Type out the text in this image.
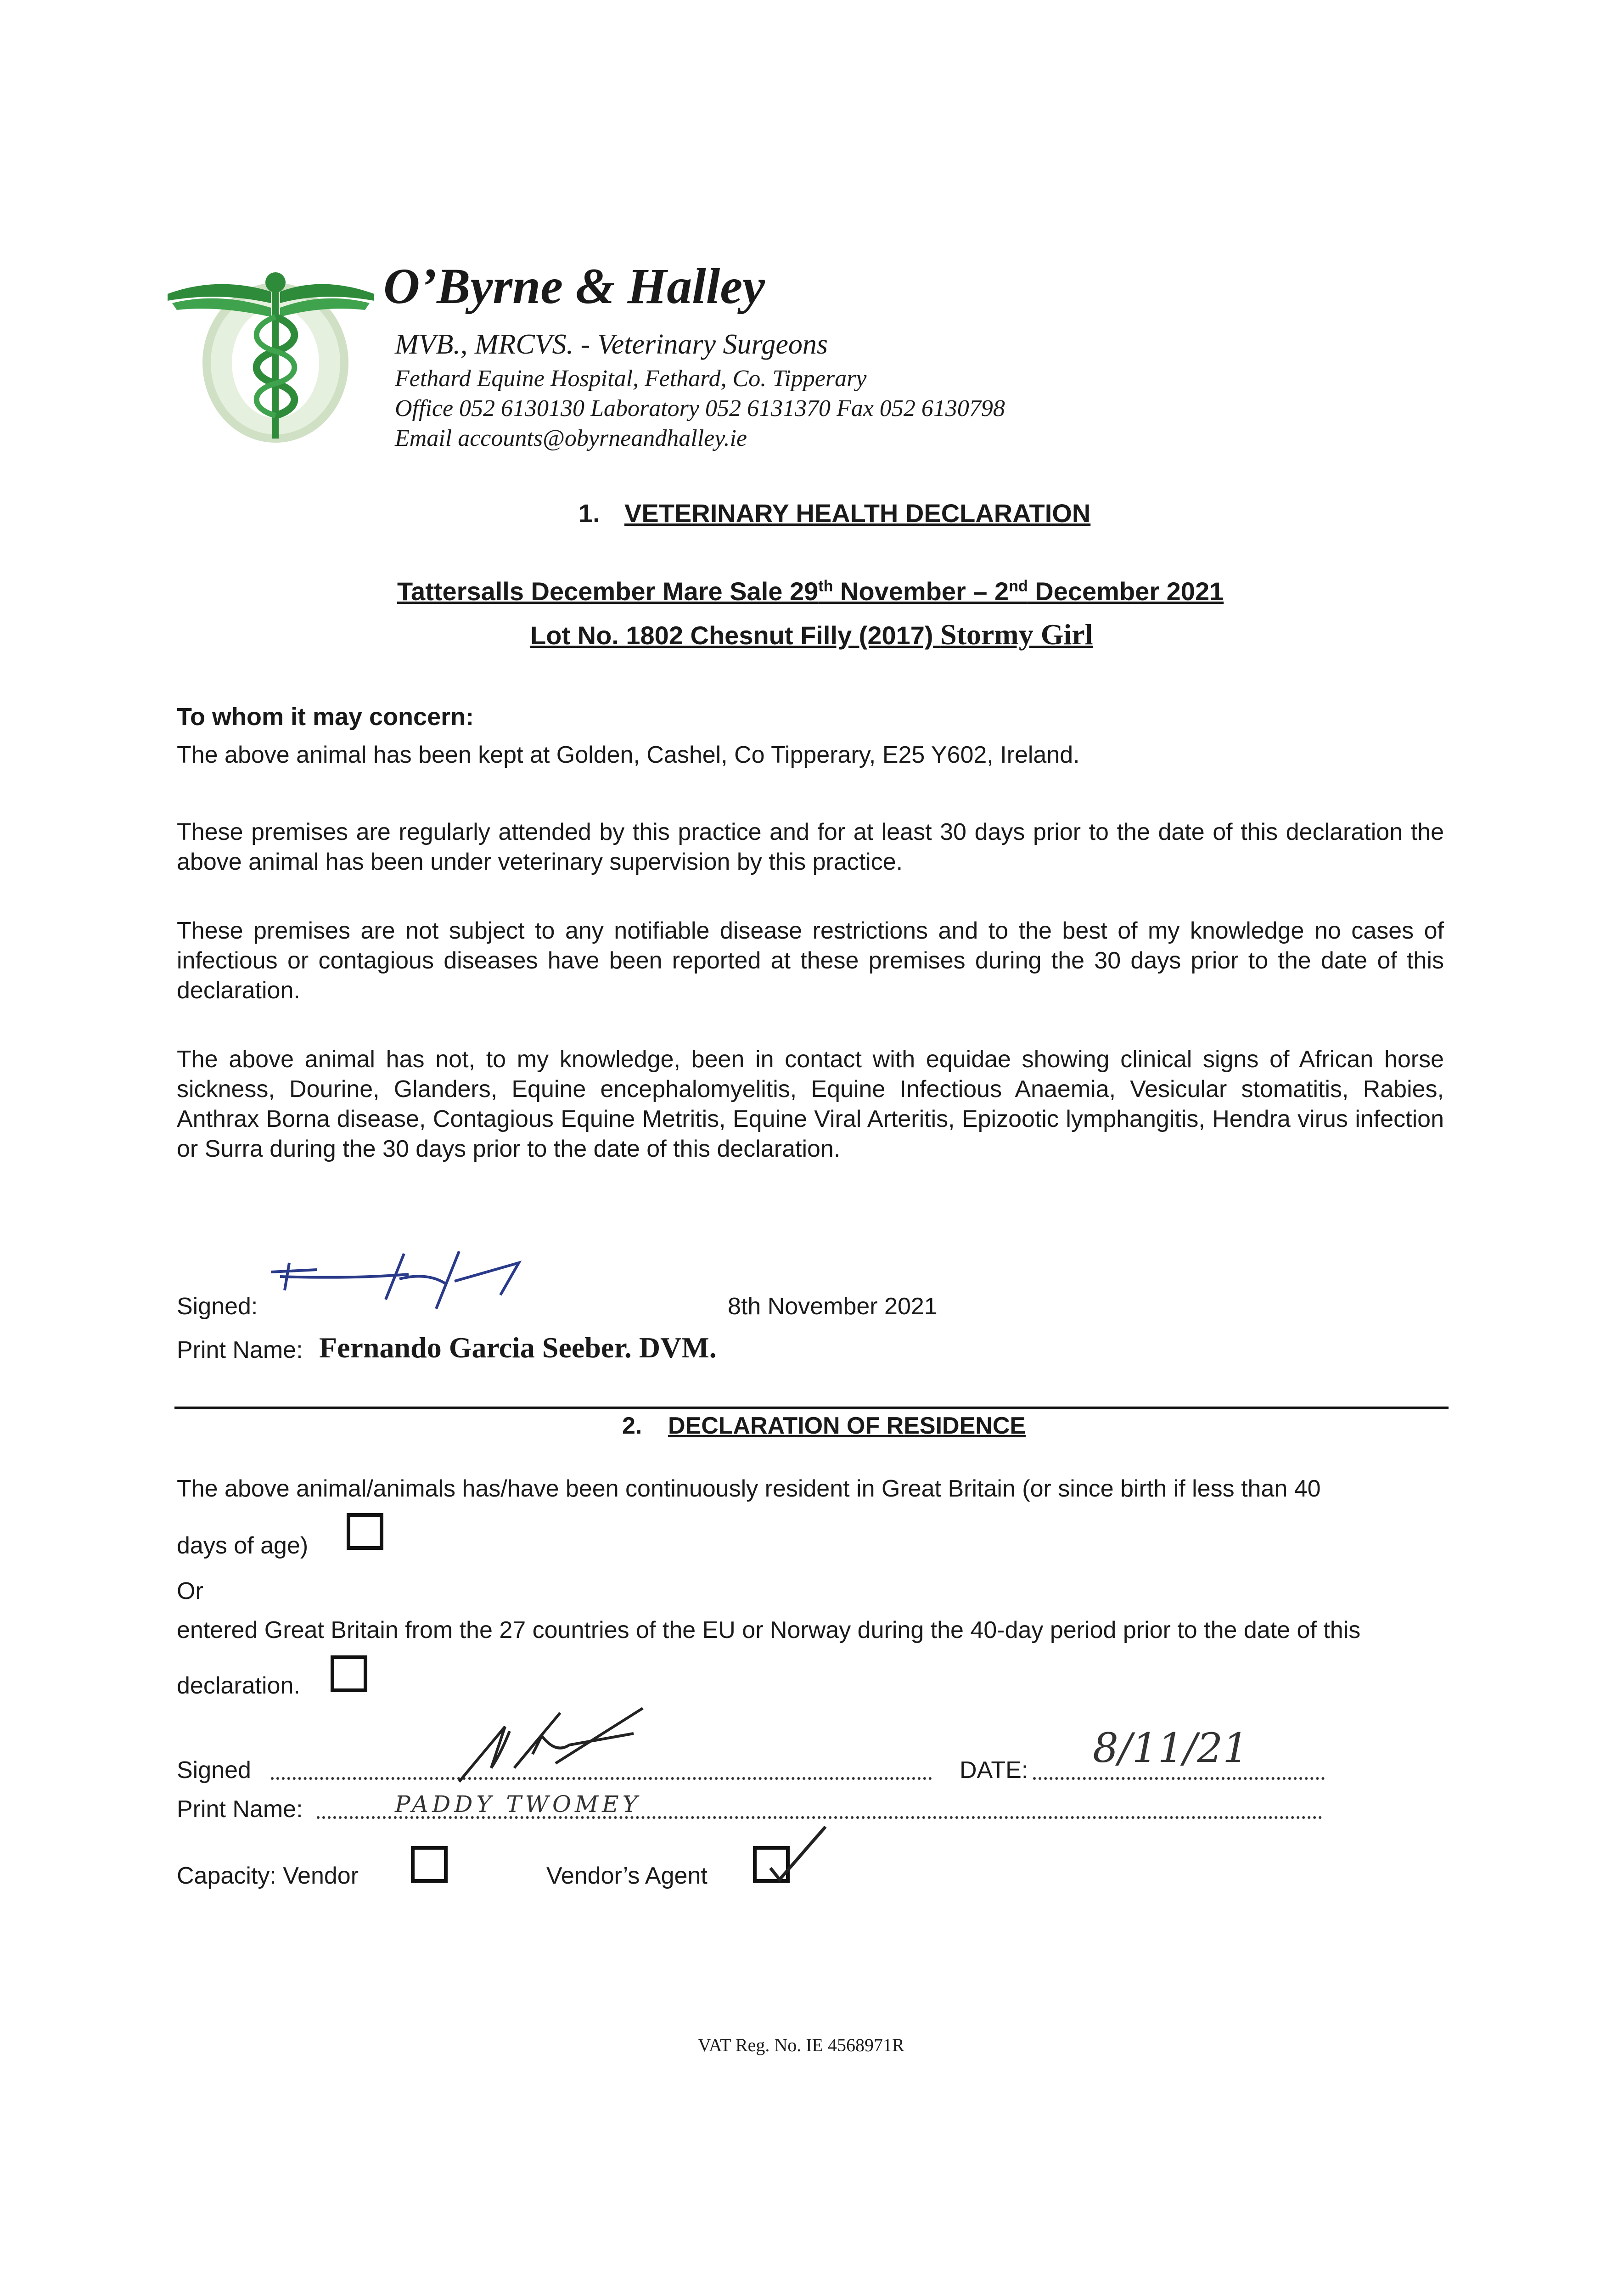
O’Byrne & Halley
MVB., MRCVS. - Veterinary Surgeons
Fethard Equine Hospital, Fethard, Co. Tipperary
Office 052 6130130 Laboratory 052 6131370 Fax 052 6130798
Email accounts@obyrneandhalley.ie
1. VETERINARY HEALTH DECLARATION
Tattersalls December Mare Sale 29th November – 2nd December 2021
Lot No. 1802 Chesnut Filly (2017) Stormy Girl
To whom it may concern:
The above animal has been kept at Golden, Cashel, Co Tipperary, E25 Y602, Ireland.
These premises are regularly attended by this practice and for at least 30 days prior to the date of this declaration the above animal has been under veterinary supervision by this practice.
These premises are not subject to any notifiable disease restrictions and to the best of my knowledge no cases of infectious or contagious diseases have been reported at these premises during the 30 days prior to the date of this declaration.
The above animal has not, to my knowledge, been in contact with equidae showing clinical signs of African horse sickness, Dourine, Glanders, Equine encephalomyelitis, Equine Infectious Anaemia, Vesicular stomatitis, Rabies, Anthrax Borna disease, Contagious Equine Metritis, Equine Viral Arteritis, Epizootic lymphangitis, Hendra virus infection or Surra during the 30 days prior to the date of this declaration.
Signed:	8th November 2021
Print Name: Fernando Garcia Seeber. DVM.
2. DECLARATION OF RESIDENCE
The above animal/animals has/have been continuously resident in Great Britain (or since birth if less than 40
days of age)
Or
entered Great Britain from the 27 countries of the EU or Norway during the 40-day period prior to the date of this
declaration.
Signed	DATE: 8/11/21
Print Name:	PADDY TWOMEY
Capacity: Vendor	Vendor’s Agent
VAT Reg. No. IE 4568971R
